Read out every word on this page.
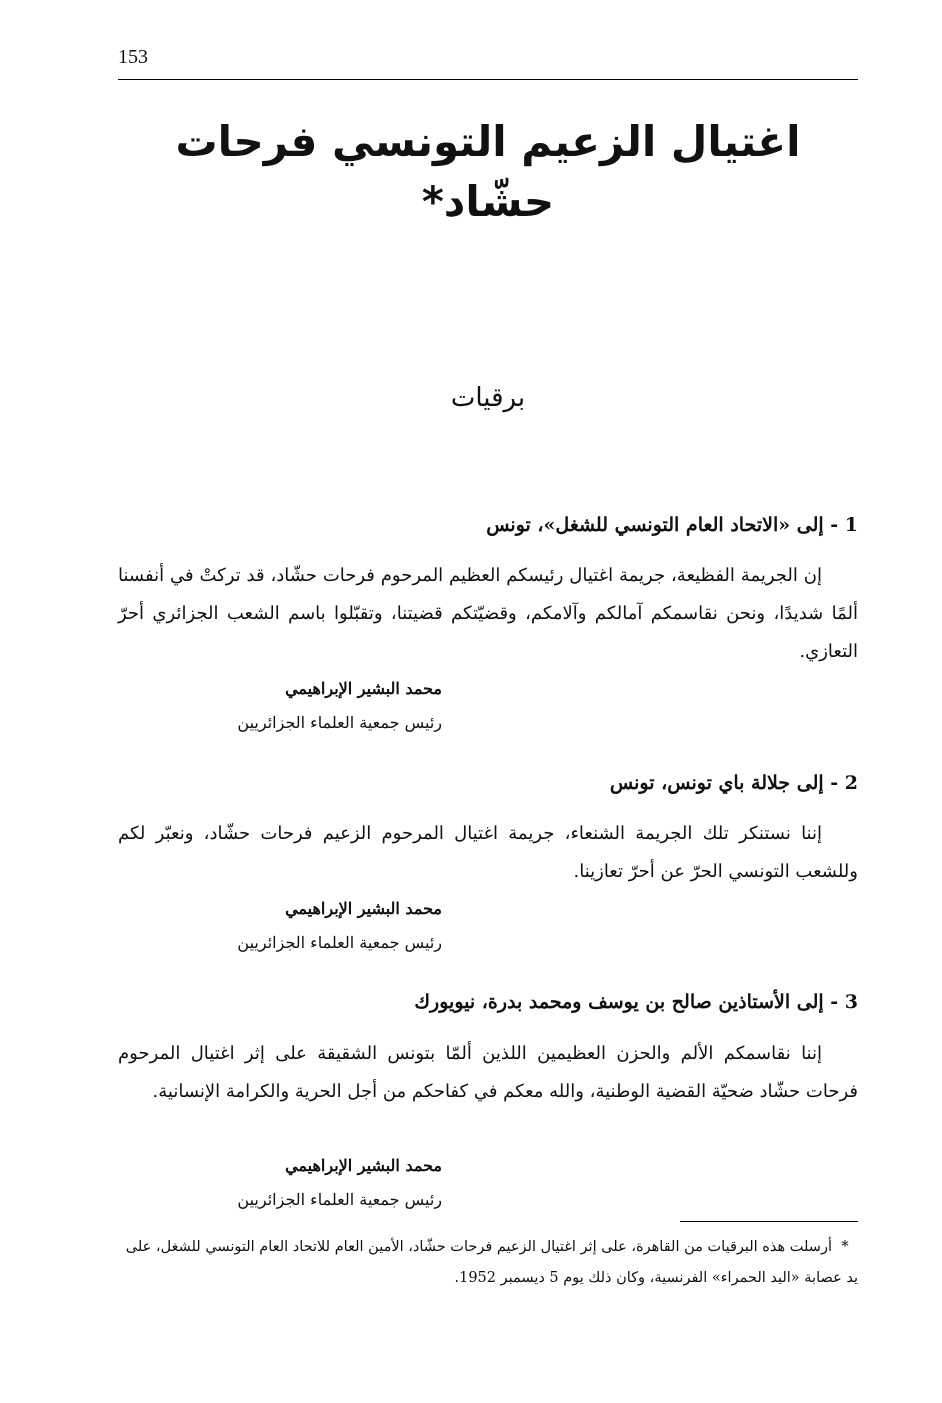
153
اغتيال الزعيم التونسي فرحات حشّاد*
برقيات
1 - إلى «الاتحاد العام التونسي للشغل»، تونس
إن الجريمة الفظيعة، جريمة اغتيال رئيسكم العظيم المرحوم فرحات حشّاد، قد تركتْ في أنفسنا ألمًا شديدًا، ونحن نقاسمكم آمالكم وآلامكم، وقضيّتكم قضيتنا، وتقبّلوا باسم الشعب الجزائري أحرّ التعازي.
محمد البشير الإبراهيمي
رئيس جمعية العلماء الجزائريين
2 - إلى جلالة باي تونس، تونس
إننا نستنكر تلك الجريمة الشنعاء، جريمة اغتيال المرحوم الزعيم فرحات حشّاد، ونعبّر لكم وللشعب التونسي الحرّ عن أحرّ تعازينا.
محمد البشير الإبراهيمي
رئيس جمعية العلماء الجزائريين
3 - إلى الأستاذين صالح بن يوسف ومحمد بدرة، نيويورك
إننا نقاسمكم الألم والحزن العظيمين اللذين ألمّا بتونس الشقيقة على إثر اغتيال المرحوم فرحات حشّاد ضحيّة القضية الوطنية، والله معكم في كفاحكم من أجل الحرية والكرامة الإنسانية.
محمد البشير الإبراهيمي
رئيس جمعية العلماء الجزائريين
*أرسلت هذه البرقيات من القاهرة، على إثر اغتيال الزعيم فرحات حشّاد، الأمين العام للاتحاد العام التونسي للشغل، على يد عصابة «اليد الحمراء» الفرنسية، وكان ذلك يوم 5 ديسمبر 1952.
